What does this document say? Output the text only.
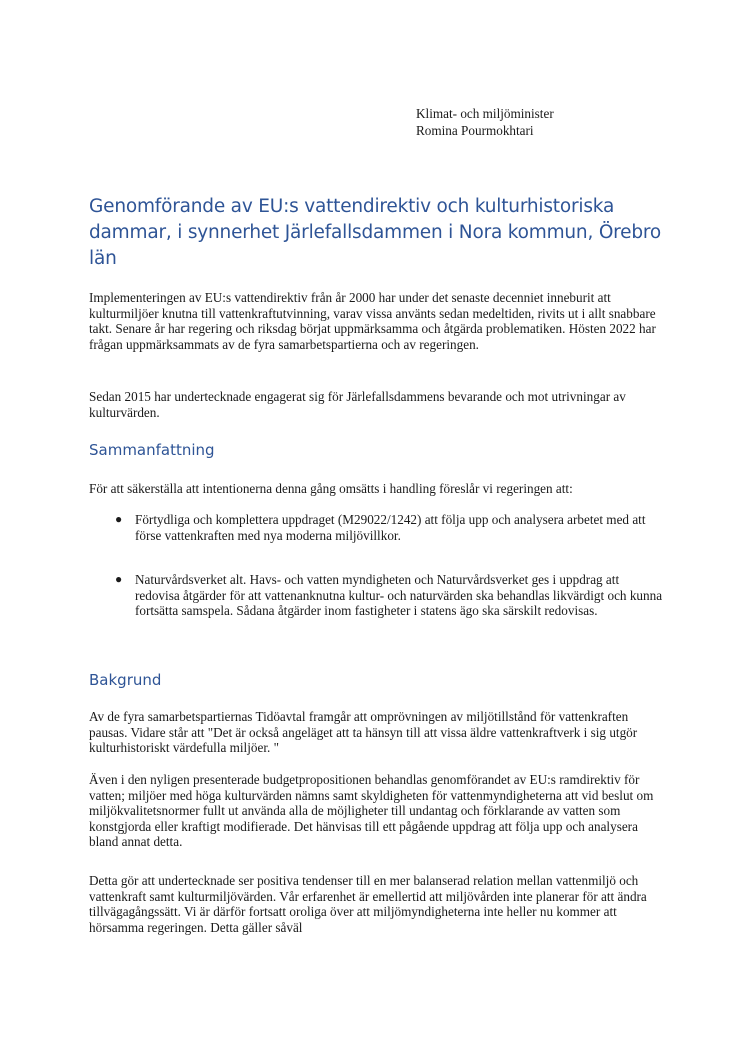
Klimat- och miljöminister
Romina Pourmokhtari
Genomförande av EU:s vattendirektiv och kulturhistoriska dammar, i synnerhet Järlefallsdammen i Nora kommun, Örebro län

Implementeringen av EU:s vattendirektiv från år 2000 har under det senaste decenniet inneburit att kulturmiljöer knutna till vattenkraftutvinning, varav vissa använts sedan medeltiden, rivits ut i allt snabbare takt. Senare år har regering och riksdag börjat uppmärksamma och åtgärda problematiken. Hösten 2022 har frågan uppmärksammats av de fyra samarbetspartierna och av regeringen.

Sedan 2015 har undertecknade engagerat sig för Järlefallsdammens bevarande och mot utrivningar av kulturvärden.

Sammanfattning

För att säkerställa att intentionerna denna gång omsätts i handling föreslår vi regeringen att:

● Förtydliga och komplettera uppdraget (M29022/1242) att följa upp och analysera arbetet med att förse vattenkraften med nya moderna miljövillkor.
● Naturvårdsverket alt. Havs- och vatten myndigheten och Naturvårdsverket ges i uppdrag att redovisa åtgärder för att vattenanknutna kultur- och naturvärden ska behandlas likvärdigt och kunna fortsätta samspela. Sådana åtgärder inom fastigheter i statens ägo ska särskilt redovisas.
Bakgrund

Av de fyra samarbetspartiernas Tidöavtal framgår att omprövningen av miljötillstånd för vattenkraften pausas. Vidare står att "Det är också angeläget att ta hänsyn till att vissa äldre vattenkraftverk i sig utgör kulturhistoriskt värdefulla miljöer. "

Även i den nyligen presenterade budgetpropositionen behandlas genomförandet av EU:s ramdirektiv för vatten; miljöer med höga kulturvärden nämns samt skyldigheten för vattenmyndigheterna att vid beslut om miljökvalitetsnormer fullt ut använda alla de möjligheter till undantag och förklarande av vatten som konstgjorda eller kraftigt modifierade. Det hänvisas till ett pågående uppdrag att följa upp och analysera bland annat detta.

Detta gör att undertecknade ser positiva tendenser till en mer balanserad relation mellan vattenmiljö och vattenkraft samt kulturmiljövärden. Vår erfarenhet är emellertid att miljövården inte planerar för att ändra tillvägagångssätt. Vi är därför fortsatt oroliga över att miljömyndigheterna inte heller nu kommer att hörsamma regeringen. Detta gäller såväl
